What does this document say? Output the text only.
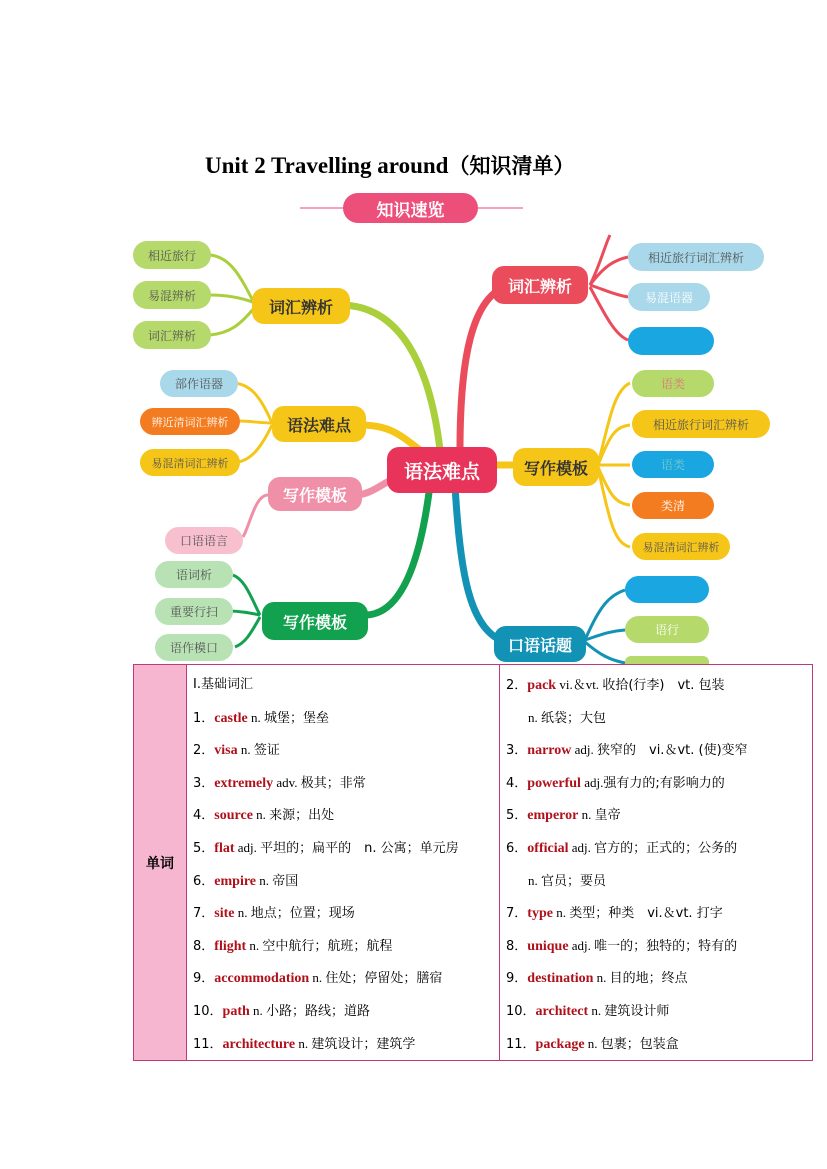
Unit 2 Travelling around（知识清单）
知识速览
语法难点
词汇辨析
相近旅行
易混辨析
词汇辨析
语法难点
部作语器
辨近清词汇辨析
易混清词汇辨析
写作模板
口语语言
写作模板
语词析
重要行扫
语作模口
词汇辨析
相近旅行词汇辨析
易混语器
写作模板
语类
相近旅行词汇辨析
语类
类清
易混清词汇辨析
口语话题
语行
单词	
I.基础词汇
1．castle n. 城堡；堡垒
2．visa n. 签证
3．extremely adv. 极其；非常
4．source n. 来源；出处
5．flat adj. 平坦的；扁平的　n. 公寓；单元房
6．empire n. 帝国
7．site n. 地点；位置；现场
8．flight n. 空中航行；航班；航程
9．accommodation n. 住处；停留处；膳宿
10．path n. 小路；路线；道路
11．architecture n. 建筑设计；建筑学

2．pack vi.＆vt. 收拾(行李)　vt. 包装
n. 纸袋；大包
3．narrow adj. 狭窄的　vi.＆vt. (使)变窄
4．powerful adj.强有力的;有影响力的
5．emperor n. 皇帝
6．official adj. 官方的；正式的；公务的
n. 官员；要员
7．type n. 类型；种类　vi.＆vt. 打字
8．unique adj. 唯一的；独特的；特有的
9．destination n. 目的地；终点
10．architect n. 建筑设计师
11．package n. 包裹；包装盒
